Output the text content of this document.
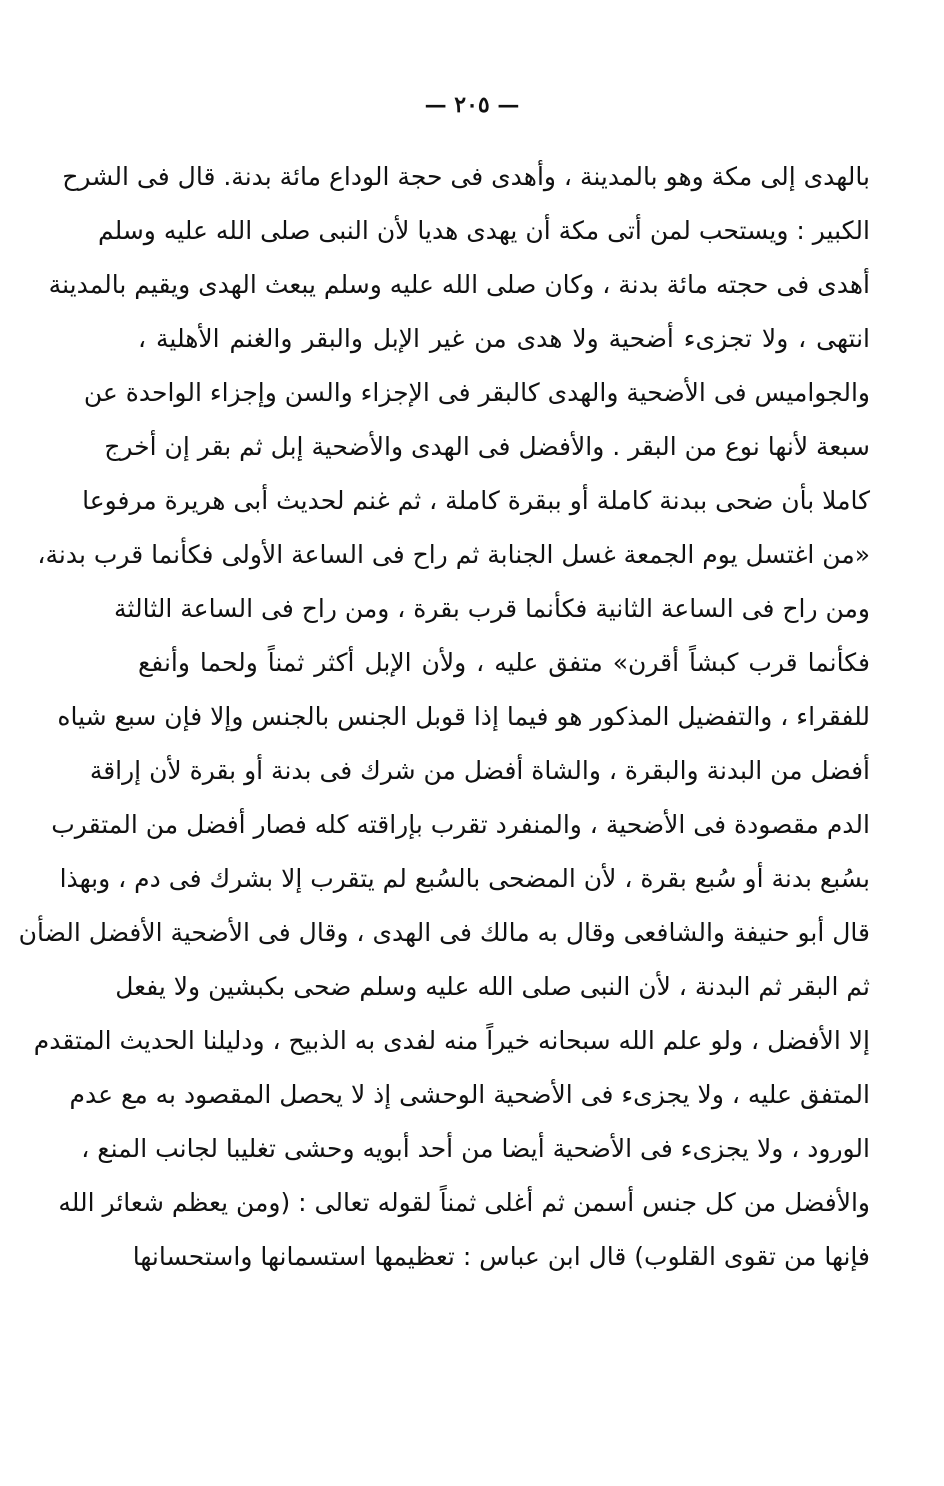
— ٢٠٥ —
بالهدى إلى مكة وهو بالمدينة ، وأهدى فى حجة الوداع مائة بدنة. قال فى الشرح
الكبير : ويستحب لمن أتى مكة أن يهدى هديا لأن النبى صلى الله عليه وسلم
أهدى فى حجته مائة بدنة ، وكان صلى الله عليه وسلم يبعث الهدى ويقيم بالمدينة
انتهى ، ولا تجزىء أضحية ولا هدى من غير الإبل والبقر والغنم الأهلية ،
والجواميس فى الأضحية والهدى كالبقر فى الإجزاء والسن وإجزاء الواحدة عن
سبعة لأنها نوع من البقر . والأفضل فى الهدى والأضحية إبل ثم بقر إن أخرج
كاملا بأن ضحى ببدنة كاملة أو ببقرة كاملة ، ثم غنم لحديث أبى هريرة مرفوعا
«من اغتسل يوم الجمعة غسل الجنابة ثم راح فى الساعة الأولى فكأنما قرب بدنة،
ومن راح فى الساعة الثانية فكأنما قرب بقرة ، ومن راح فى الساعة الثالثة
فكأنما قرب كبشاً أقرن» متفق عليه ، ولأن الإبل أكثر ثمناً ولحما وأنفع
للفقراء ، والتفضيل المذكور هو فيما إذا قوبل الجنس بالجنس وإلا فإن سبع شياه
أفضل من البدنة والبقرة ، والشاة أفضل من شرك فى بدنة أو بقرة لأن إراقة
الدم مقصودة فى الأضحية ، والمنفرد تقرب بإراقته كله فصار أفضل من المتقرب
بسُبع بدنة أو سُبع بقرة ، لأن المضحى بالسُبع لم يتقرب إلا بشرك فى دم ، وبهذا
قال أبو حنيفة والشافعى وقال به مالك فى الهدى ، وقال فى الأضحية الأفضل الضأن
ثم البقر ثم البدنة ، لأن النبى صلى الله عليه وسلم ضحى بكبشين ولا يفعل
إلا الأفضل ، ولو علم الله سبحانه خيراً منه لفدى به الذبيح ، ودليلنا الحديث المتقدم
المتفق عليه ، ولا يجزىء فى الأضحية الوحشى إذ لا يحصل المقصود به مع عدم
الورود ، ولا يجزىء فى الأضحية أيضا من أحد أبويه وحشى تغليبا لجانب المنع ،
والأفضل من كل جنس أسمن ثم أغلى ثمناً لقوله تعالى : (ومن يعظم شعائر الله
فإنها من تقوى القلوب) قال ابن عباس : تعظيمها استسمانها واستحسانها
